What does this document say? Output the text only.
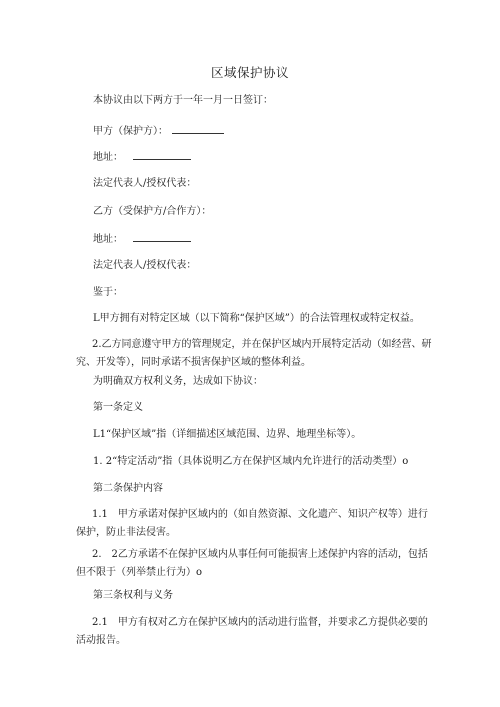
区域保护协议
本协议由以下两方于一年一月一日签订：
甲方（保护方）：
地址：
法定代表人/授权代表：
乙方（受保护方/合作方）：
地址：
法定代表人/授权代表：
鉴于：
L甲方拥有对特定区域（以下简称“保护区域”）的合法管理权或特定权益。
2.乙方同意遵守甲方的管理规定，并在保护区域内开展特定活动（如经营、研究、开发等），同时承诺不损害保护区域的整体利益。
为明确双方权利义务，达成如下协议：
第一条定义
L1“保护区域”指（详细描述区域范围、边界、地理坐标等）。
1. 2“特定活动”指（具体说明乙方在保护区域内允许进行的活动类型）o
第二条保护内容
1.1　甲方承诺对保护区域内的（如自然资源、文化遗产、知识产权等）进行保护，防止非法侵害。
2.　2乙方承诺不在保护区域内从事任何可能损害上述保护内容的活动，包括但不限于（列举禁止行为）o
第三条权利与义务
2.1　甲方有权对乙方在保护区域内的活动进行监督，并要求乙方提供必要的活动报告。
